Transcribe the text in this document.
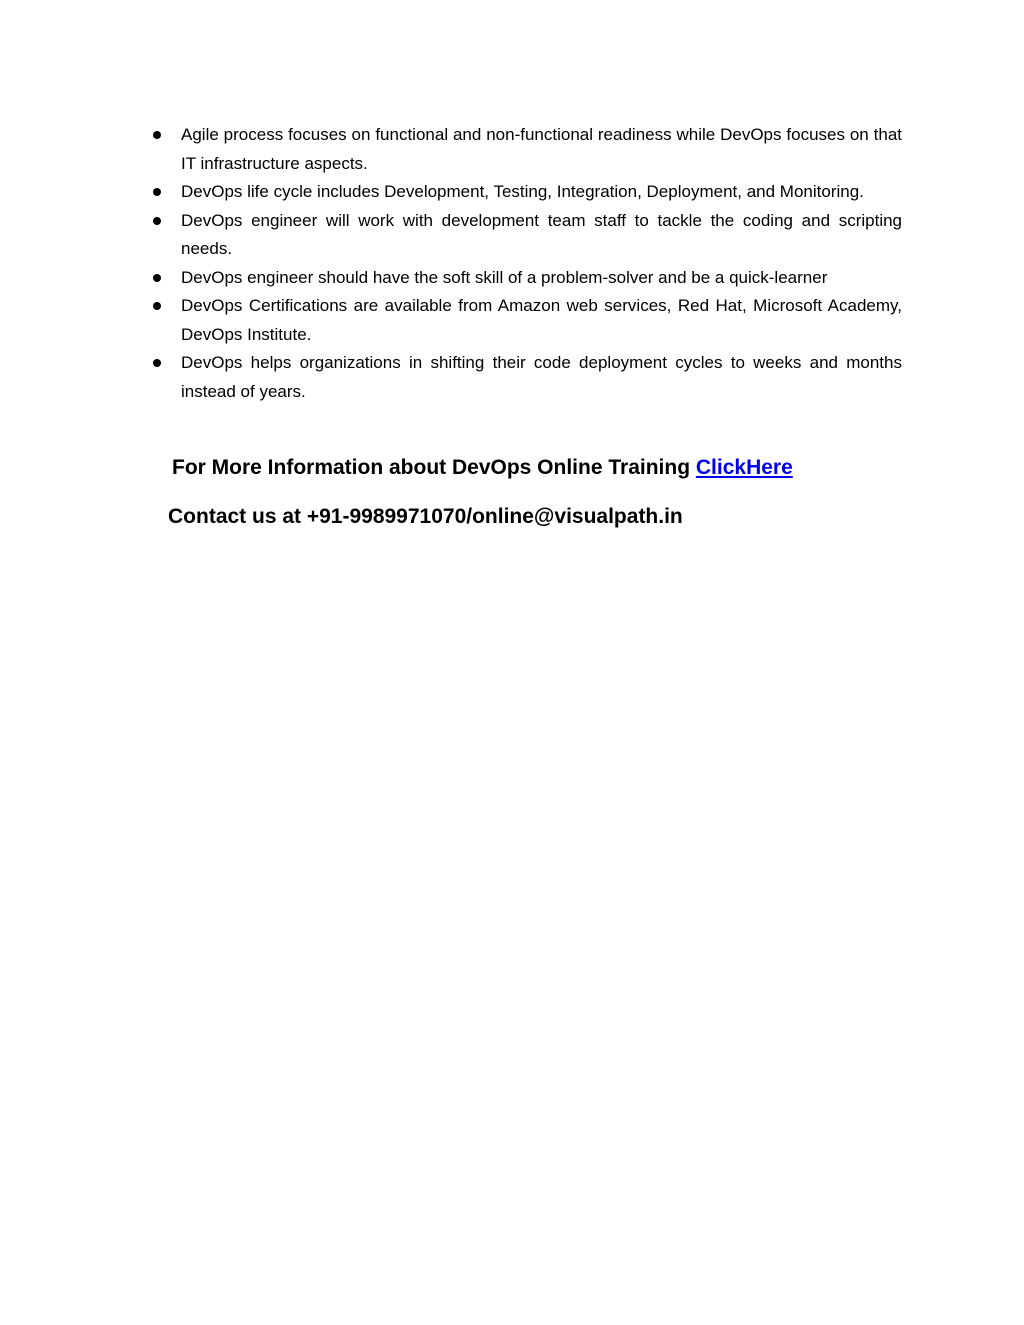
Agile process focuses on functional and non-functional readiness while DevOps focuses on that IT infrastructure aspects.
DevOps life cycle includes Development, Testing, Integration, Deployment, and Monitoring.
DevOps engineer will work with development team staff to tackle the coding and scripting needs.
DevOps engineer should have the soft skill of a problem-solver and be a quick-learner
DevOps Certifications are available from Amazon web services, Red Hat, Microsoft Academy, DevOps Institute.
DevOps helps organizations in shifting their code deployment cycles to weeks and months instead of years.
For More Information about DevOps Online Training ClickHere
Contact us at +91-9989971070/online@visualpath.in
